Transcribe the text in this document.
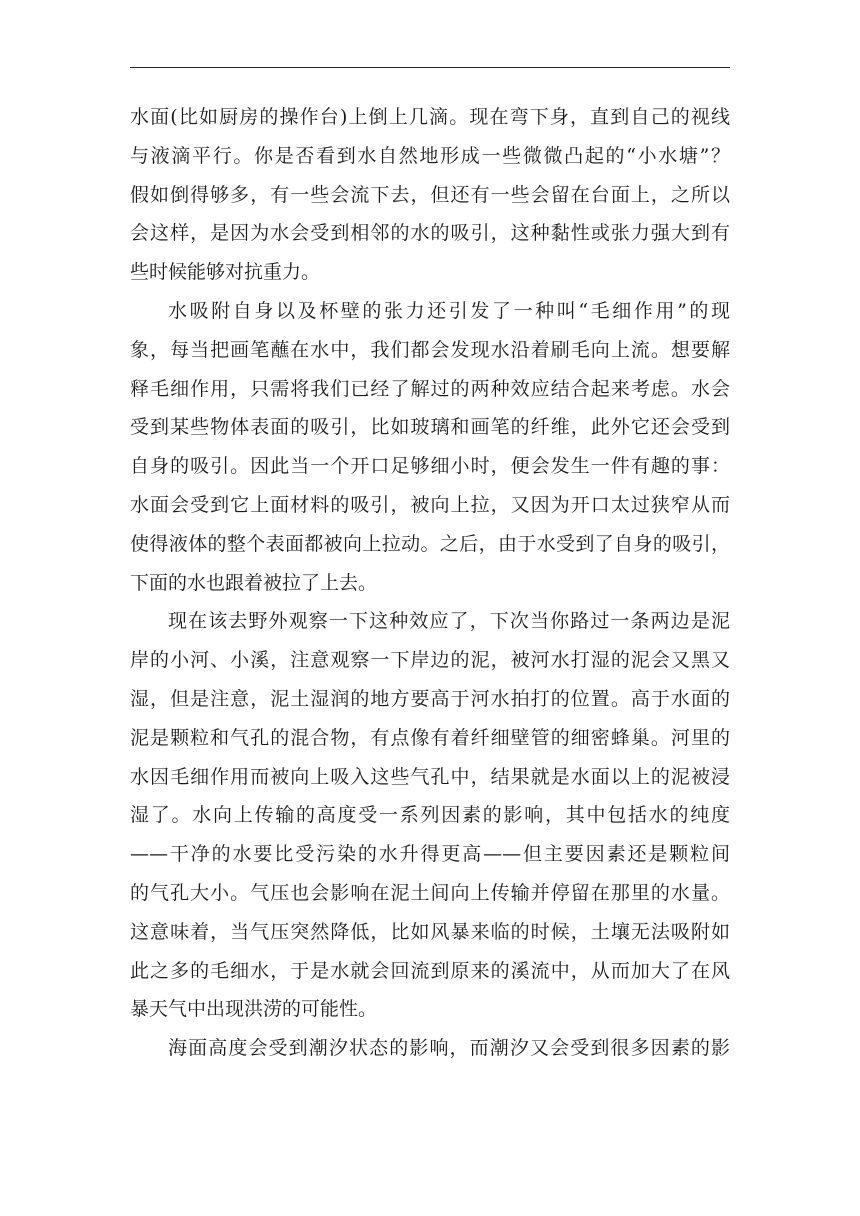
水面(比如厨房的操作台)上倒上几滴。现在弯下身，直到自己的视线
与液滴平行。你是否看到水自然地形成一些微微凸起的“小水塘”？
假如倒得够多，有一些会流下去，但还有一些会留在台面上，之所以
会这样，是因为水会受到相邻的水的吸引，这种黏性或张力强大到有
些时候能够对抗重力。
水吸附自身以及杯壁的张力还引发了一种叫“毛细作用”的现
象，每当把画笔蘸在水中，我们都会发现水沿着刷毛向上流。想要解
释毛细作用，只需将我们已经了解过的两种效应结合起来考虑。水会
受到某些物体表面的吸引，比如玻璃和画笔的纤维，此外它还会受到
自身的吸引。因此当一个开口足够细小时，便会发生一件有趣的事：
水面会受到它上面材料的吸引，被向上拉，又因为开口太过狭窄从而
使得液体的整个表面都被向上拉动。之后，由于水受到了自身的吸引，
下面的水也跟着被拉了上去。
现在该去野外观察一下这种效应了，下次当你路过一条两边是泥
岸的小河、小溪，注意观察一下岸边的泥，被河水打湿的泥会又黑又
湿，但是注意，泥土湿润的地方要高于河水拍打的位置。高于水面的
泥是颗粒和气孔的混合物，有点像有着纤细壁管的细密蜂巢。河里的
水因毛细作用而被向上吸入这些气孔中，结果就是水面以上的泥被浸
湿了。水向上传输的高度受一系列因素的影响，其中包括水的纯度
——干净的水要比受污染的水升得更高——但主要因素还是颗粒间
的气孔大小。气压也会影响在泥土间向上传输并停留在那里的水量。
这意味着，当气压突然降低，比如风暴来临的时候，土壤无法吸附如
此之多的毛细水，于是水就会回流到原来的溪流中，从而加大了在风
暴天气中出现洪涝的可能性。
海面高度会受到潮汐状态的影响，而潮汐又会受到很多因素的影
